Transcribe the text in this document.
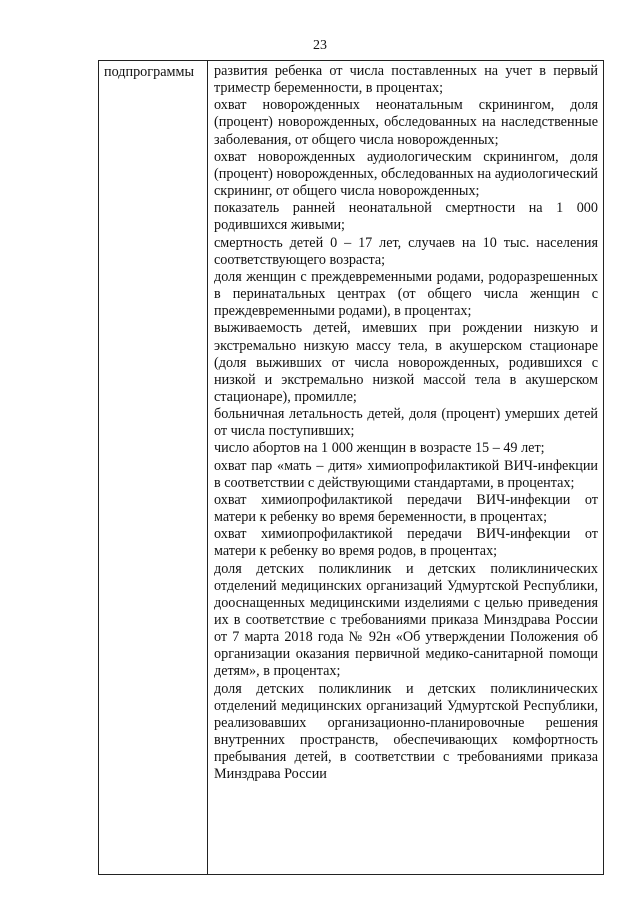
23
подпрограммы	развития ребенка от числа поставленных на учет в первый триместр беременности, в процентах;
охват новорожденных неонатальным скринингом, доля (процент) новорожденных, обследованных на наследственные заболевания, от общего числа новорожденных;
охват новорожденных аудиологическим скринингом, доля (процент) новорожденных, обследованных на аудиологический скрининг, от общего числа новорожденных;
показатель ранней неонатальной смертности на 1 000 родившихся живыми;
смертность детей 0 – 17 лет, случаев на 10 тыс. населения соответствующего возраста;
доля женщин с преждевременными родами, родоразрешенных в перинатальных центрах (от общего числа женщин с преждевременными родами), в процентах;
выживаемость детей, имевших при рождении низкую и экстремально низкую массу тела, в акушерском стационаре (доля выживших от числа новорожденных, родившихся с низкой и экстремально низкой массой тела в акушерском стационаре), промилле;
больничная летальность детей, доля (процент) умерших детей от числа поступивших;
число абортов на 1 000 женщин в возрасте 15 – 49 лет;
охват пар «мать – дитя» химиопрофилактикой ВИЧ-инфекции в соответствии с действующими стандартами, в процентах;
охват химиопрофилактикой передачи ВИЧ-инфекции от матери к ребенку во время беременности, в процентах;
охват химиопрофилактикой передачи ВИЧ-инфекции от матери к ребенку во время родов, в процентах;
доля детских поликлиник и детских поликлинических отделений медицинских организаций Удмуртской Республики, дооснащенных медицинскими изделиями с целью приведения их в соответствие с требованиями приказа Минздрава России от 7 марта 2018 года № 92н «Об утверждении Положения об организации оказания первичной медико-санитарной помощи детям», в процентах;
доля детских поликлиник и детских поликлинических отделений медицинских организаций Удмуртской Республики, реализовавших организационно-планировочные решения внутренних пространств, обеспечивающих комфортность пребывания детей, в соответствии с требованиями приказа Минздрава России
